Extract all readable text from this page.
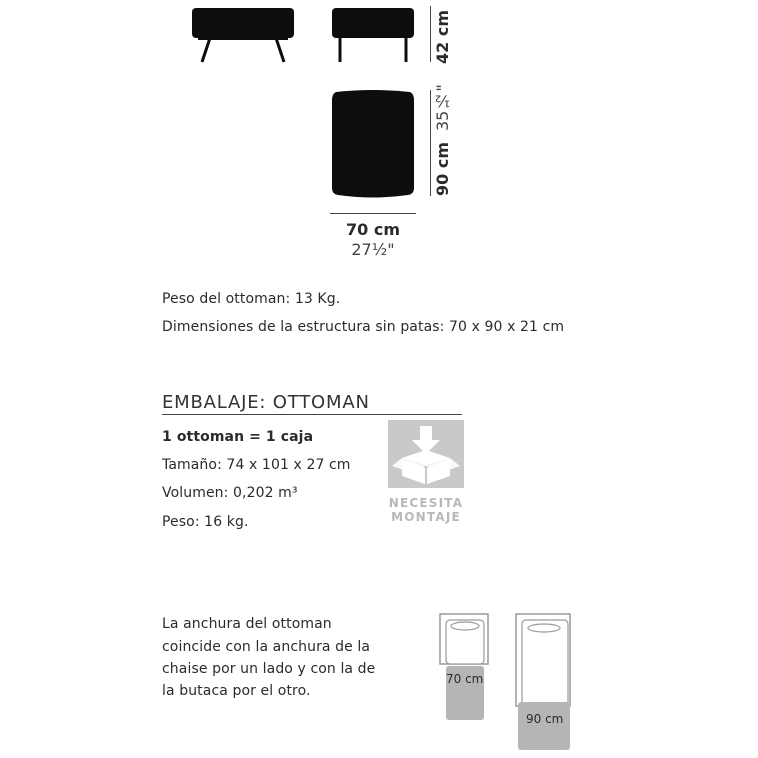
42 cm
90 cm 35½"
70 cm
27½"
Peso del ottoman: 13 Kg.
Dimensiones de la estructura sin patas: 70 x 90 x 21 cm
EMBALAJE: OTTOMAN
1 ottoman = 1 caja
Tamaño: 74 x 101 x 27 cm
Volumen: 0,202 m³
Peso: 16 kg.
NECESITA
MONTAJE
La anchura del ottoman
coincide con la anchura de la
chaise por un lado y con la de
la butaca por el otro.
70 cm
90 cm
